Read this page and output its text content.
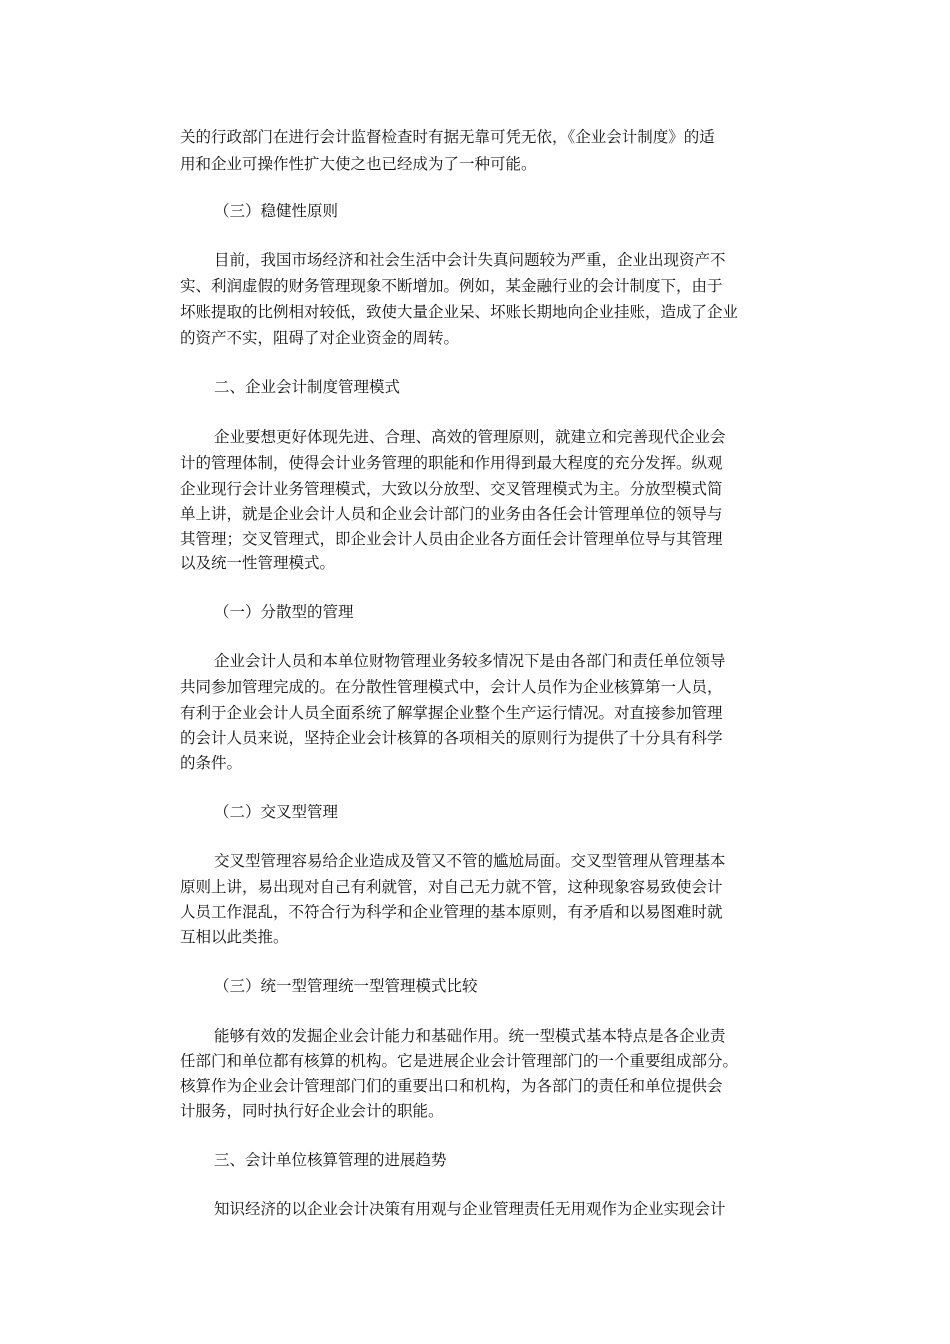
关的行政部门在进行会计监督检查时有据无靠可凭无依，《企业会计制度》的适
用和企业可操作性扩大使之也已经成为了一种可能。
（三）稳健性原则
目前，我国市场经济和社会生活中会计失真问题较为严重，企业出现资产不
实、利润虚假的财务管理现象不断增加。例如，某金融行业的会计制度下，由于
坏账提取的比例相对较低，致使大量企业呆、坏账长期地向企业挂账，造成了企业
的资产不实，阻碍了对企业资金的周转。
二、企业会计制度管理模式
企业要想更好体现先进、合理、高效的管理原则，就建立和完善现代企业会
计的管理体制，使得会计业务管理的职能和作用得到最大程度的充分发挥。纵观
企业现行会计业务管理模式，大致以分放型、交叉管理模式为主。分放型模式简
单上讲，就是企业会计人员和企业会计部门的业务由各任会计管理单位的领导与
其管理；交叉管理式，即企业会计人员由企业各方面任会计管理单位导与其管理
以及统一性管理模式。
（一）分散型的管理
企业会计人员和本单位财物管理业务较多情况下是由各部门和责任单位领导
共同参加管理完成的。在分散性管理模式中，会计人员作为企业核算第一人员，
有利于企业会计人员全面系统了解掌握企业整个生产运行情况。对直接参加管理
的会计人员来说，坚持企业会计核算的各项相关的原则行为提供了十分具有科学
的条件。
（二）交叉型管理
交叉型管理容易给企业造成及管又不管的尴尬局面。交叉型管理从管理基本
原则上讲，易出现对自己有利就管，对自己无力就不管，这种现象容易致使会计
人员工作混乱，不符合行为科学和企业管理的基本原则，有矛盾和以易图难时就
互相以此类推。
（三）统一型管理统一型管理模式比较
能够有效的发掘企业会计能力和基础作用。统一型模式基本特点是各企业责
任部门和单位都有核算的机构。它是进展企业会计管理部门的一个重要组成部分。
核算作为企业会计管理部门们的重要出口和机构，为各部门的责任和单位提供会
计服务，同时执行好企业会计的职能。
三、会计单位核算管理的进展趋势
知识经济的以企业会计决策有用观与企业管理责任无用观作为企业实现会计
